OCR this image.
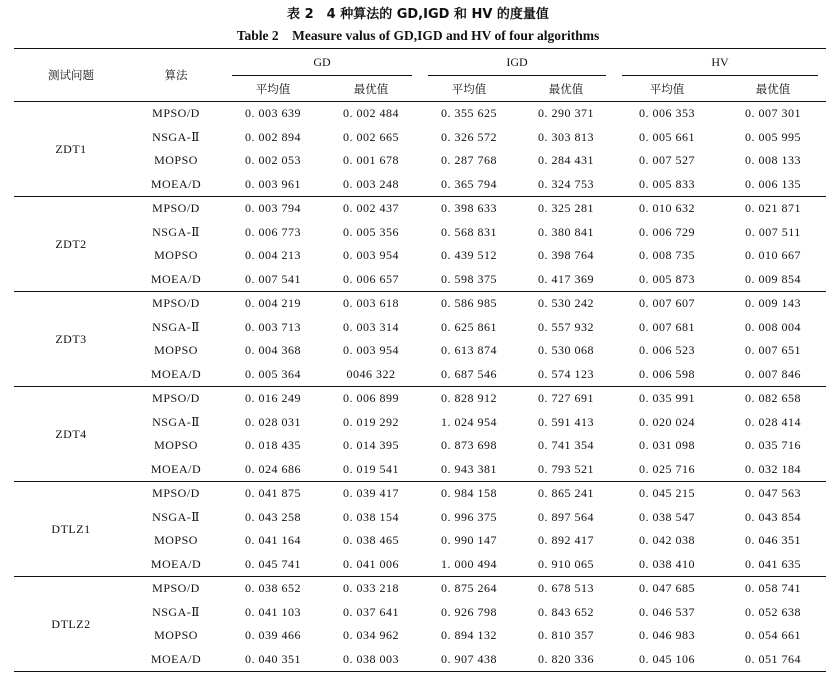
表 2　4 种算法的 GD,IGD 和 HV 的度量值
Table 2　Measure valus of GD,IGD and HV of four algorithms
测试问题	算法	GD		IGD		HV	

		平均值	最优值	平均值	最优值	平均值	最优值
ZDT1	MPSO/D	0. 003 639	0. 002 484	0. 355 625	0. 290 371	0. 006 353	0. 007 301
	NSGA-Ⅱ	0. 002 894	0. 002 665	0. 326 572	0. 303 813	0. 005 661	0. 005 995
	MOPSO	0. 002 053	0. 001 678	0. 287 768	0. 284 431	0. 007 527	0. 008 133
	MOEA/D	0. 003 961	0. 003 248	0. 365 794	0. 324 753	0. 005 833	0. 006 135
ZDT2	MPSO/D	0. 003 794	0. 002 437	0. 398 633	0. 325 281	0. 010 632	0. 021 871
	NSGA-Ⅱ	0. 006 773	0. 005 356	0. 568 831	0. 380 841	0. 006 729	0. 007 511
	MOPSO	0. 004 213	0. 003 954	0. 439 512	0. 398 764	0. 008 735	0. 010 667
	MOEA/D	0. 007 541	0. 006 657	0. 598 375	0. 417 369	0. 005 873	0. 009 854
ZDT3	MPSO/D	0. 004 219	0. 003 618	0. 586 985	0. 530 242	0. 007 607	0. 009 143
	NSGA-Ⅱ	0. 003 713	0. 003 314	0. 625 861	0. 557 932	0. 007 681	0. 008 004
	MOPSO	0. 004 368	0. 003 954	0. 613 874	0. 530 068	0. 006 523	0. 007 651
	MOEA/D	0. 005 364	0046 322	0. 687 546	0. 574 123	0. 006 598	0. 007 846
ZDT4	MPSO/D	0. 016 249	0. 006 899	0. 828 912	0. 727 691	0. 035 991	0. 082 658
	NSGA-Ⅱ	0. 028 031	0. 019 292	1. 024 954	0. 591 413	0. 020 024	0. 028 414
	MOPSO	0. 018 435	0. 014 395	0. 873 698	0. 741 354	0. 031 098	0. 035 716
	MOEA/D	0. 024 686	0. 019 541	0. 943 381	0. 793 521	0. 025 716	0. 032 184
DTLZ1	MPSO/D	0. 041 875	0. 039 417	0. 984 158	0. 865 241	0. 045 215	0. 047 563
	NSGA-Ⅱ	0. 043 258	0. 038 154	0. 996 375	0. 897 564	0. 038 547	0. 043 854
	MOPSO	0. 041 164	0. 038 465	0. 990 147	0. 892 417	0. 042 038	0. 046 351
	MOEA/D	0. 045 741	0. 041 006	1. 000 494	0. 910 065	0. 038 410	0. 041 635
DTLZ2	MPSO/D	0. 038 652	0. 033 218	0. 875 264	0. 678 513	0. 047 685	0. 058 741
	NSGA-Ⅱ	0. 041 103	0. 037 641	0. 926 798	0. 843 652	0. 046 537	0. 052 638
	MOPSO	0. 039 466	0. 034 962	0. 894 132	0. 810 357	0. 046 983	0. 054 661
	MOEA/D	0. 040 351	0. 038 003	0. 907 438	0. 820 336	0. 045 106	0. 051 764
